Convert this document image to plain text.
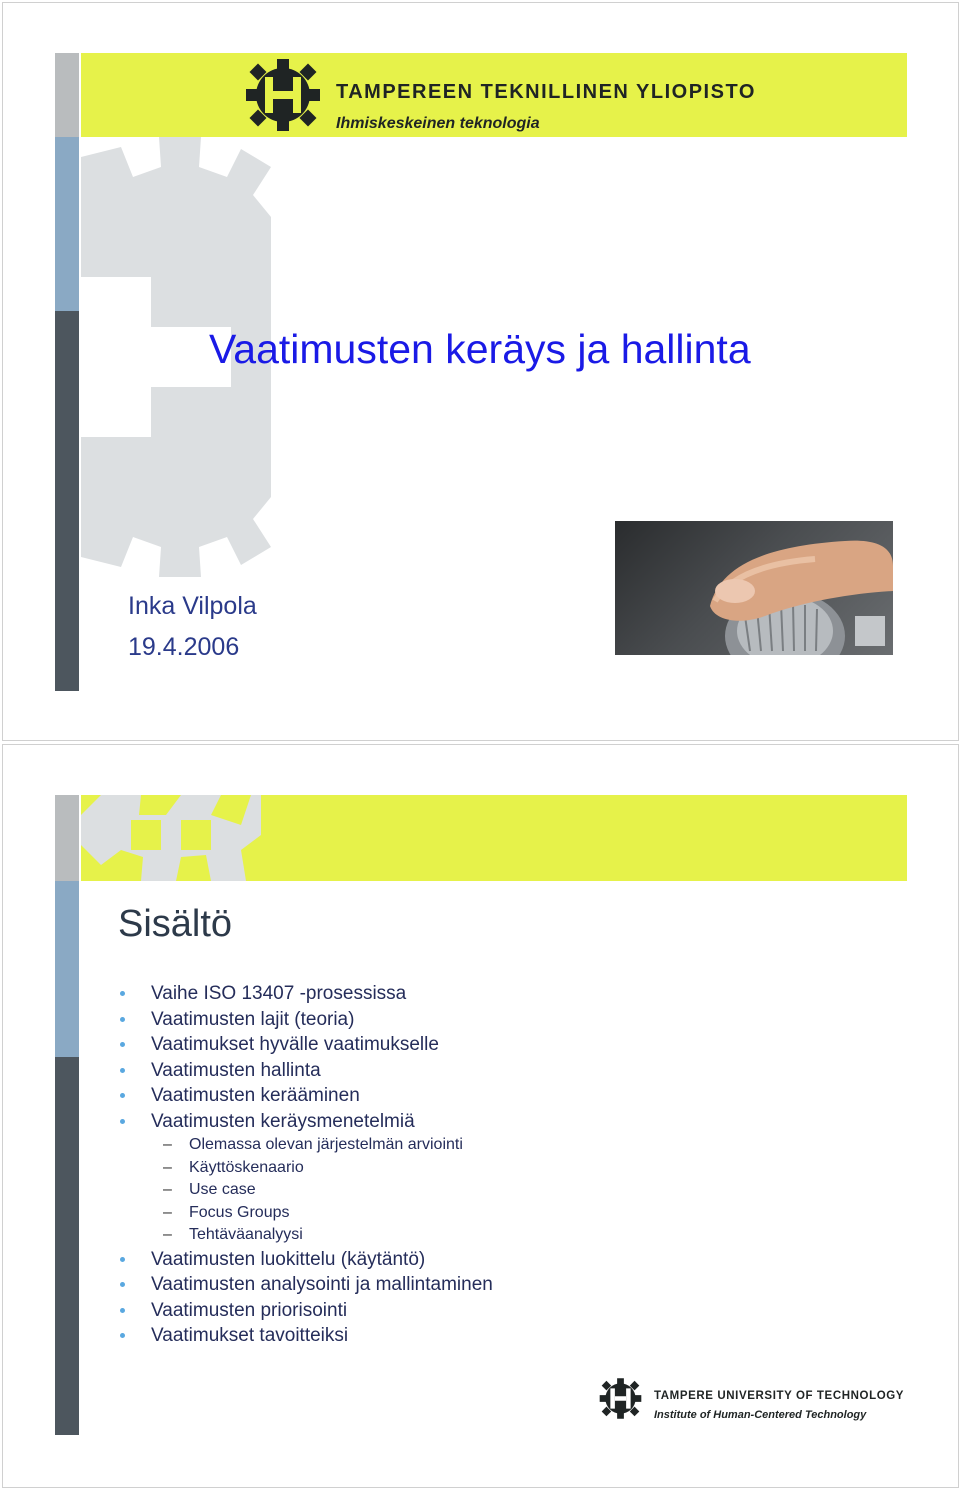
TAMPEREEN TEKNILLINEN YLIOPISTO
Ihmiskeskeinen teknologia
Vaatimusten keräys ja hallinta
Inka Vilpola
19.4.2006
Sisältö
Vaihe ISO 13407 -prosessissa
Vaatimusten lajit (teoria)
Vaatimukset hyvälle vaatimukselle
Vaatimusten hallinta
Vaatimusten kerääminen
Vaatimusten keräysmenetelmiä
– Olemassa olevan järjestelmän arviointi
– Käyttöskenaario
– Use case
– Focus Groups
– Tehtäväanalyysi
Vaatimusten luokittelu (käytäntö)
Vaatimusten analysointi ja mallintaminen
Vaatimusten priorisointi
Vaatimukset tavoitteiksi
TAMPERE UNIVERSITY OF TECHNOLOGY
Institute of Human-Centered Technology
